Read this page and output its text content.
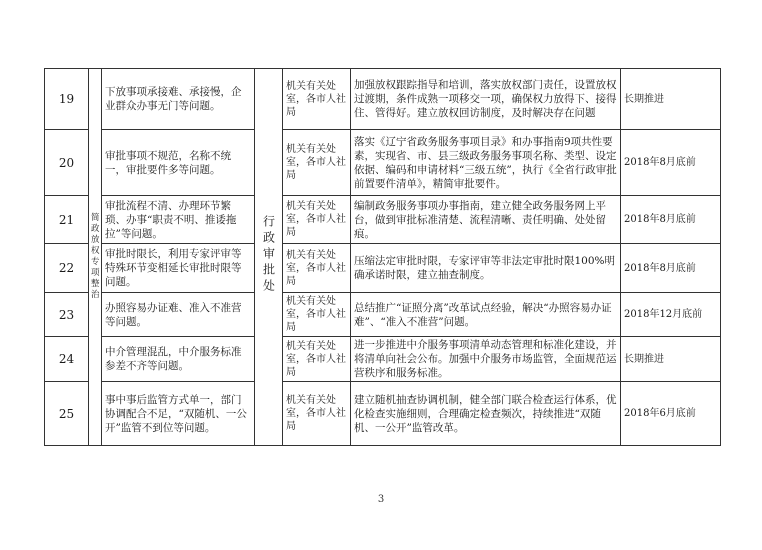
19	简政放权专项整治	下放事项承接难、承接慢，企业群众办事无门等问题。	行政审批处	机关有关处室，各市人社局	加强放权跟踪指导和培训，落实放权部门责任，设置放权过渡期，条件成熟一项移交一项，确保权力放得下、接得住、管得好。建立放权回访制度，及时解决存在问题	长期推进
20		审批事项不规范，名称不统一，审批要件多等问题。		机关有关处室，各市人社局	落实《辽宁省政务服务事项目录》和办事指南9项共性要素，实现省、市、县三级政务服务事项名称、类型、设定依据、编码和申请材料“三级五统”，执行《全省行政审批前置要件清单》，精简审批要件。	2018年8月底前
21		审批流程不清、办理环节繁琐、办事“职责不明、推诿拖拉”等问题。		机关有关处室，各市人社局	编制政务服务事项办事指南，建立健全政务服务网上平台，做到审批标准清楚、流程清晰、责任明确、处处留痕。	2018年8月底前
22		审批时限长，利用专家评审等特殊环节变相延长审批时限等问题。		机关有关处室，各市人社局	压缩法定审批时限，专家评审等非法定审批时限100%明确承诺时限，建立抽查制度。	2018年8月底前
23		办照容易办证难、准入不准营等问题。		机关有关处室，各市人社局	总结推广“证照分离”改革试点经验，解决“办照容易办证难”、“准入不准营”问题。	2018年12月底前
24		中介管理混乱，中介服务标准参差不齐等问题。		机关有关处室，各市人社局	进一步推进中介服务事项清单动态管理和标准化建设，并将清单向社会公布。加强中介服务市场监管，全面规范运营秩序和服务标准。	长期推进
25		事中事后监管方式单一，部门协调配合不足，“双随机、一公开”监管不到位等问题。		机关有关处室，各市人社局	建立随机抽查协调机制，健全部门联合检查运行体系，优化检查实施细则，合理确定检查频次，持续推进“双随机、一公开”监管改革。	2018年6月底前
3
